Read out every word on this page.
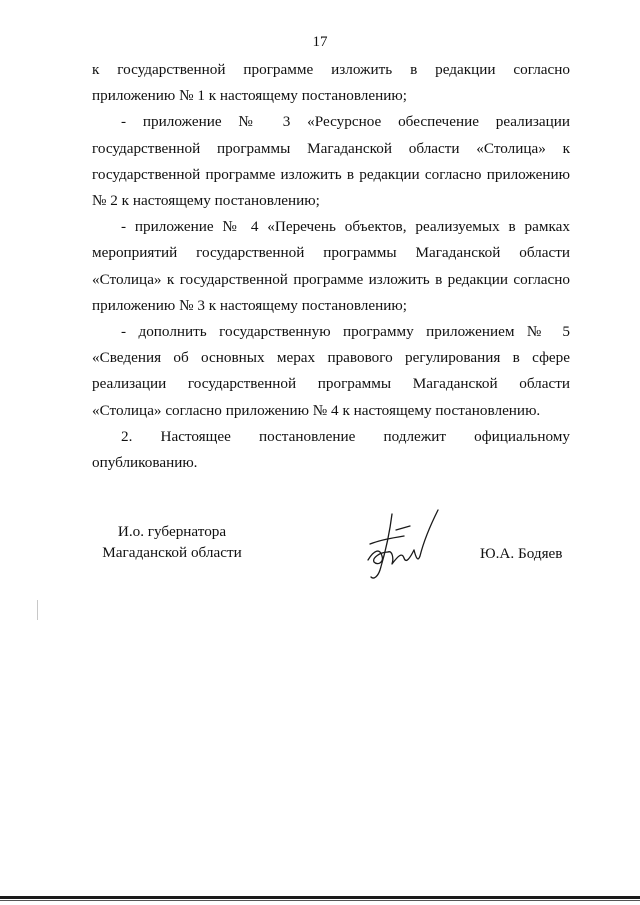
17

к государственной программе изложить в редакции согласно приложению № 1 к настоящему постановлению;

- приложение № 3 «Ресурсное обеспечение реализации государственной программы Магаданской области «Столица» к государственной программе изложить в редакции согласно приложению № 2 к настоящему постановлению;

- приложение № 4 «Перечень объектов, реализуемых в рамках мероприятий государственной программы Магаданской области «Столица» к государственной программе изложить в редакции согласно приложению № 3 к настоящему постановлению;

- дополнить государственную программу приложением № 5 «Сведения об основных мерах правового регулирования в сфере реализации государственной программы Магаданской области «Столица» согласно приложению № 4 к настоящему постановлению.

2. Настоящее постановление подлежит официальному опубликованию.

И.о. губернатора
Магаданской области	Ю.А. Бодяев
